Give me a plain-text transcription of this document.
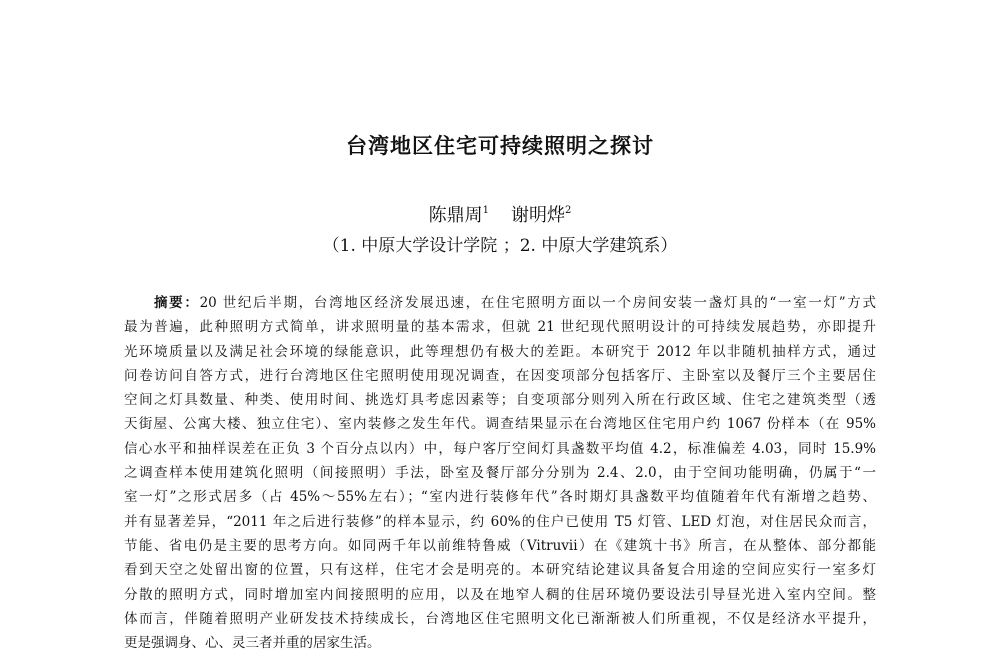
台湾地区住宅可持续照明之探讨
陈鼎周$^1$ 谢明烨$^2$
（1. 中原大学设计学院 ；2. 中原大学建筑系）
摘要：20 世纪后半期，台湾地区经济发展迅速，在住宅照明方面以一个房间安装一盏灯具的“一室一灯”方式
最为普遍，此种照明方式简单，讲求照明量的基本需求，但就 21 世纪现代照明设计的可持续发展趋势，亦即提升
光环境质量以及满足社会环境的绿能意识，此等理想仍有极大的差距。本研究于 2012 年以非随机抽样方式，通过
问卷访问自答方式，进行台湾地区住宅照明使用现况调查，在因变项部分包括客厅、主卧室以及餐厅三个主要居住
空间之灯具数量、种类、使用时间、挑选灯具考虑因素等；自变项部分则列入所在行政区域、住宅之建筑类型（透
天街屋、公寓大楼、独立住宅）、室内装修之发生年代。调查结果显示在台湾地区住宅用户约 1067 份样本（在 95%
信心水平和抽样误差在正负 3 个百分点以内）中，每户客厅空间灯具盏数平均值 4.2，标准偏差 4.03，同时 15.9%
之调查样本使用建筑化照明（间接照明）手法，卧室及餐厅部分分别为 2.4、2.0，由于空间功能明确，仍属于“一
室一灯”之形式居多（占 45%～55%左右）；“室内进行装修年代”各时期灯具盏数平均值随着年代有渐增之趋势、
并有显著差异，“2011 年之后进行装修”的样本显示，约 60%的住户已使用 T5 灯管、LED 灯泡，对住居民众而言，
节能、省电仍是主要的思考方向。如同两千年以前维特鲁威（Vitruvii）在《建筑十书》所言，在从整体、部分都能
看到天空之处留出窗的位置，只有这样，住宅才会是明亮的。本研究结论建议具备复合用途的空间应实行一室多灯
分散的照明方式，同时增加室内间接照明的应用，以及在地窄人稠的住居环境仍要设法引导昼光进入室内空间。整
体而言，伴随着照明产业研发技术持续成长，台湾地区住宅照明文化已渐渐被人们所重视，不仅是经济水平提升，
更是强调身、心、灵三者并重的居家生活。
